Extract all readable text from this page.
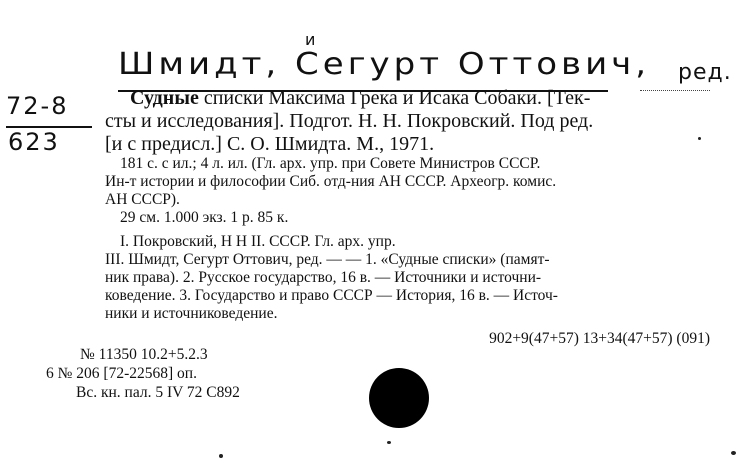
и
Шмидт, Сегурт Оттович, ред.
72-8
623
Судные списки Максима Грека и Исака Собаки. [Тек-
сты и исследования]. Подгот. Н. Н. Покровский. Под ред.
[и с предисл.] С. О. Шмидта. М., 1971.
181 с. с ил.; 4 л. ил. (Гл. арх. упр. при Совете Министров СССР.
Ин-т истории и философии Сиб. отд-ния АН СССР. Археогр. комис.
АН СССР).
29 см. 1.000 экз. 1 р. 85 к.
I. Покровский, Н Н II. СССР. Гл. арх. упр.
III. Шмидт, Сегурт Оттович, ред. — — 1. «Судные списки» (памят-
ник права). 2. Русское государство, 16 в. — Источники и источни-
коведение. 3. Государство и право СССР — История, 16 в. — Источ-
ники и источниковедение.
902+9(47+57) 13+34(47+57) (091)
№ 11350 10.2+5.2.3
6 № 206 [72-22568] оп.
Вс. кн. пал. 5 IV 72 С892
